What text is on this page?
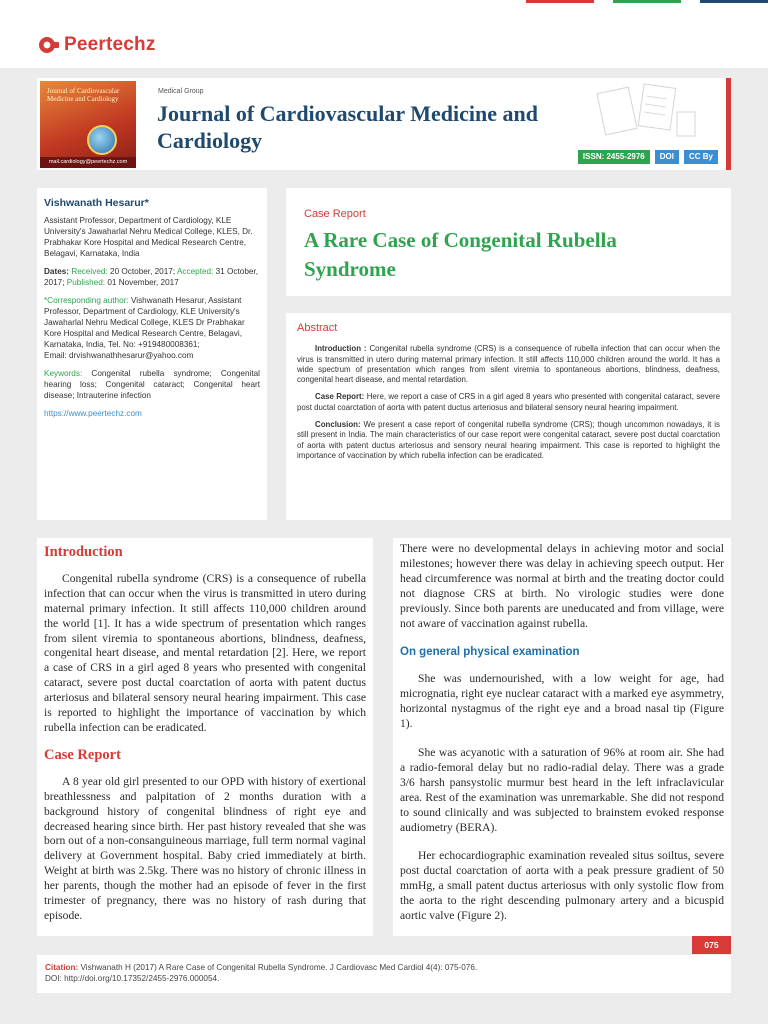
Peertechz
Journal of Cardiovascular Medicine and Cardiology
mail.cardiology@peertechz.com
Medical Group
Journal of Cardiovascular Medicine and Cardiology
ISSN: 2455-2976	DOI	CC By
Vishwanath Hesarur*

Assistant Professor, Department of Cardiology, KLE University's Jawaharlal Nehru Medical College, KLES, Dr. Prabhakar Kore Hospital and Medical Research Centre, Belagavi, Karnataka, India

Dates: Received: 20 October, 2017; Accepted: 31 October, 2017; Published: 01 November, 2017

*Corresponding author: Vishwanath Hesarur, Assistant Professor, Department of Cardiology, KLE University's Jawaharlal Nehru Medical College, KLES Dr Prabhakar Kore Hospital and Medical Research Centre, Belagavi, Karnataka, India, Tel. No: +919480008361;
Email: drvishwanathhesarur@yahoo.com

Keywords: Congenital rubella syndrome; Congenital hearing loss; Congenital cataract; Congenital heart disease; Intrauterine infection

https://www.peertechz.com

Case Report
A Rare Case of Congenital Rubella Syndrome
Abstract

Introduction : Congenital rubella syndrome (CRS) is a consequence of rubella infection that can occur when the virus is transmitted in utero during maternal primary infection. It still affects 110,000 children around the world. It has a wide spectrum of presentation which ranges from silent viremia to spontaneous abortions, blindness, deafness, congenital heart disease, and mental retardation.

Case Report: Here, we report a case of CRS in a girl aged 8 years who presented with congenital cataract, severe post ductal coarctation of aorta with patent ductus arteriosus and bilateral sensory neural hearing impairment.

Conclusion: We present a case report of congenital rubella syndrome (CRS); though uncommon nowadays, it is still present in India. The main characteristics of our case report were congenital cataract, severe post ductal coarctation of aorta with patent ductus arteriosus and sensory neural hearing impairment. This case is reported to highlight the importance of vaccination by which rubella infection can be eradicated.

Introduction

Congenital rubella syndrome (CRS) is a consequence of rubella infection that can occur when the virus is transmitted in utero during maternal primary infection. It still affects 110,000 children around the world [1]. It has a wide spectrum of presentation which ranges from silent viremia to spontaneous abortions, blindness, deafness, congenital heart disease, and mental retardation [2]. Here, we report a case of CRS in a girl aged 8 years who presented with congenital cataract, severe post ductal coarctation of aorta with patent ductus arteriosus and bilateral sensory neural hearing impairment. This case is reported to highlight the importance of vaccination by which rubella infection can be eradicated.

Case Report

A 8 year old girl presented to our OPD with history of exertional breathlessness and palpitation of 2 months duration with a background history of congenital blindness of right eye and decreased hearing since birth. Her past history revealed that she was born out of a non-consanguineous marriage, full term normal vaginal delivery at Government hospital. Baby cried immediately at birth. Weight at birth was 2.5kg. There was no history of chronic illness in her parents, though the mother had an episode of fever in the first trimester of pregnancy, there was no history of rash during that episode.

There were no developmental delays in achieving motor and social milestones; however there was delay in achieving speech output. Her head circumference was normal at birth and the treating doctor could not diagnose CRS at birth. No virologic studies were done previously. Since both parents are uneducated and from village, were not aware of vaccination against rubella.

On general physical examination

She was undernourished, with a low weight for age, had micrognatia, right eye nuclear cataract with a marked eye asymmetry, horizontal nystagmus of the right eye and a broad nasal tip (Figure 1).

She was acyanotic with a saturation of 96% at room air. She had a radio-femoral delay but no radio-radial delay. There was a grade 3/6 harsh pansystolic murmur best heard in the left infraclavicular area. Rest of the examination was unremarkable. She did not respond to sound clinically and was subjected to brainstem evoked response audiometry (BERA).

Her echocardiographic examination revealed situs soiltus, severe post ductal coarctation of aorta with a peak pressure gradient of 50 mmHg, a small patent ductus arteriosus with only systolic flow from the aorta to the right descending pulmonary artery and a bicuspid aortic valve (Figure 2).

075
Citation: Vishwanath H (2017) A Rare Case of Congenital Rubella Syndrome. J Cardiovasc Med Cardiol 4(4): 075-076.
DOI: http://doi.org/10.17352/2455-2976.000054.
